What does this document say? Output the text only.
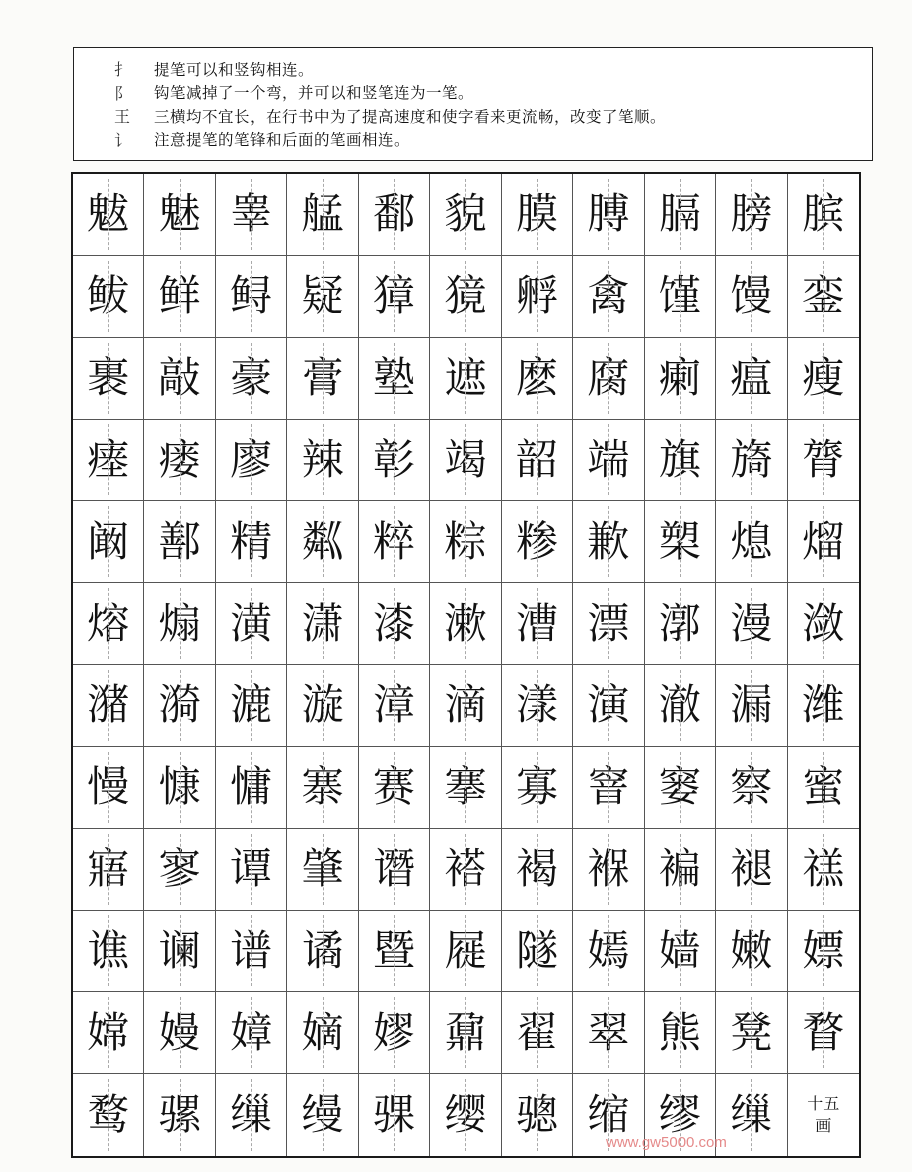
扌	提笔可以和竖钩相连。
阝	钩笔减掉了一个弯，并可以和竖笔连为一笔。
王	三横均不宜长，在行书中为了提高速度和使字看来更流畅，改变了笔顺。
讠	注意提笔的笔锋和后面的笔画相连。
魃 魅 睾 艋 鄱 貌 膜 膊 膈 膀 膑
鲅 鲜 鲟 疑 獐 獍 孵 禽 馑 馒 銮
裹 敲 豪 膏 塾 遮 麽 腐 瘌 瘟 瘦
瘗 瘘 廖 辣 彰 竭 韶 端 旗 旖 膂
阚 鄯 精 粼 粹 粽 糁 歉 槊 熄 熘
熔 煽 潢 潇 漆 漱 漕 漂 漷 漫 潋
潴 漪 漉 漩 漳 滴 漾 演 澈 漏 潍
慢 慷 慵 寨 赛 搴 寡 窨 窭 察 蜜
寤 寥 谭 肇 谮 褡 褐 褓 褊 褪 禚
谯 谰 谱 谲 暨 屣 隧 嫣 嫱 嫩 嫖
嫦 嫚 嫜 嫡 嫪 鼐 翟 翠 熊 凳 瞀
鹜 骡 缫 缦 骒 缨 骢 缩 缪 缫	十五
画
www.gw5000.com
